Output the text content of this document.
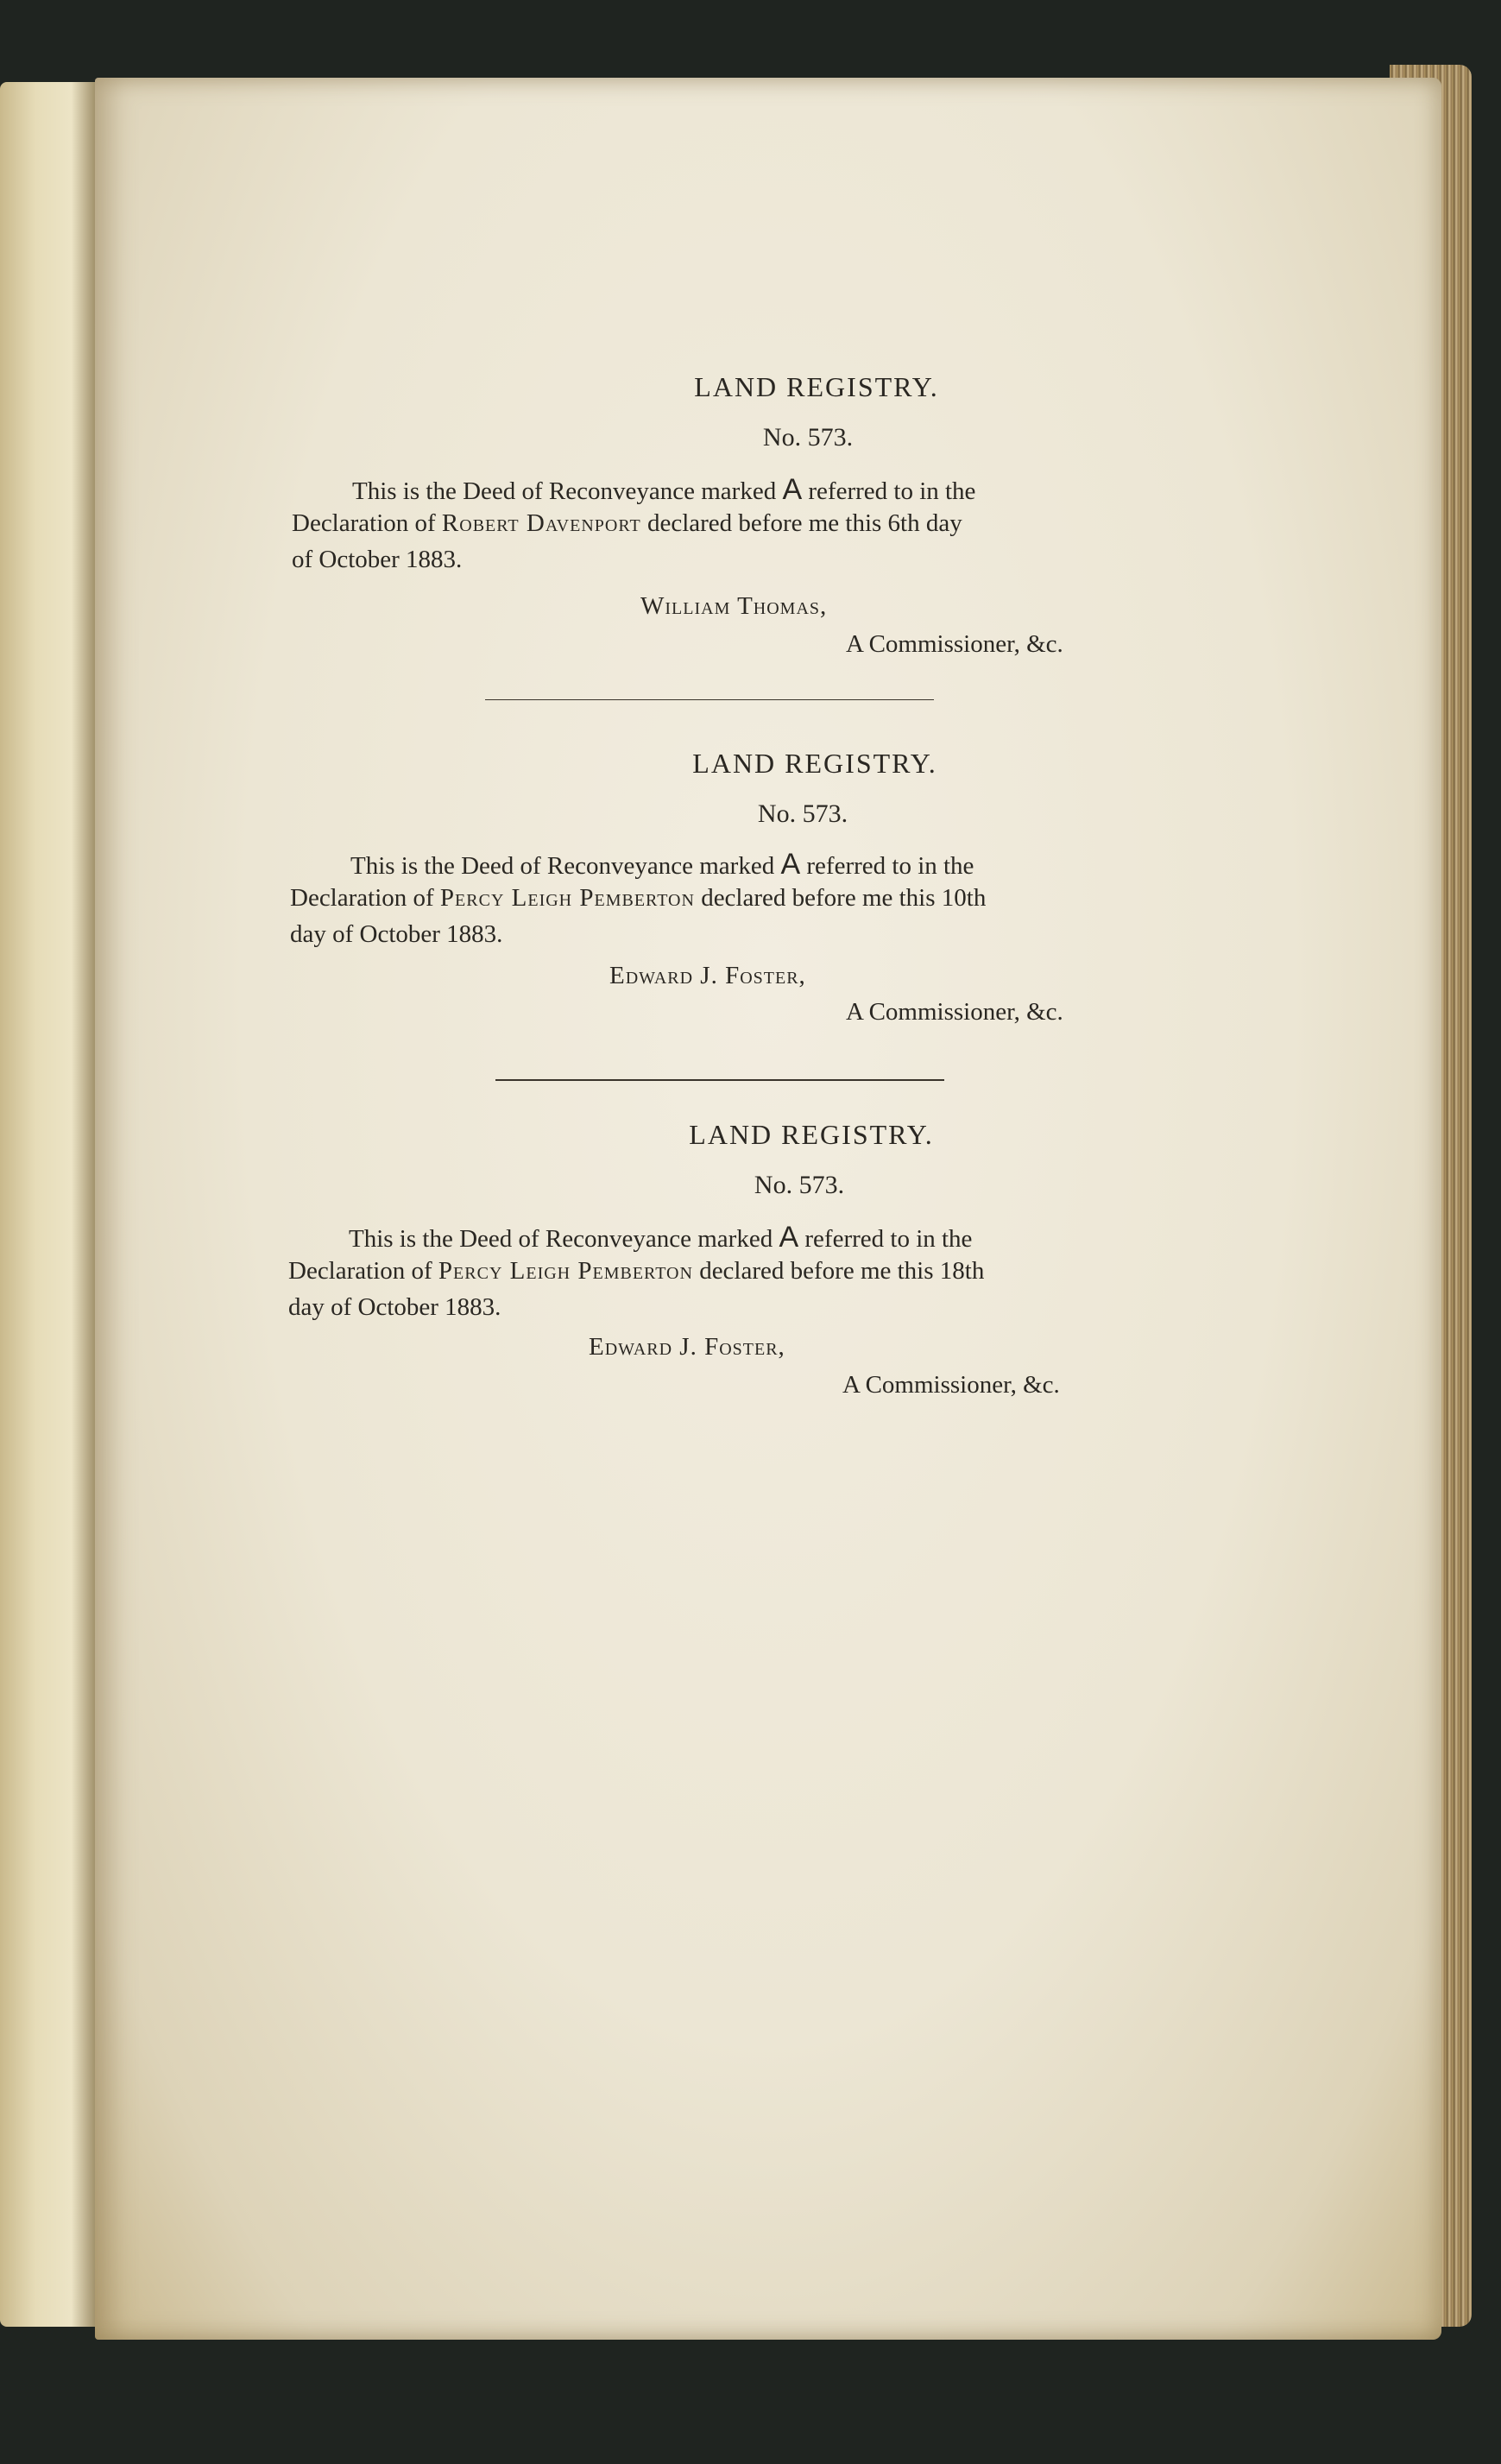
LAND REGISTRY.

No. 573.

This is the Deed of Reconveyance marked A referred to in the

Declaration of Robert Davenport declared before me this 6th day

of October 1883.

William Thomas,
A Commissioner, &c.
LAND REGISTRY.

No. 573.

This is the Deed of Reconveyance marked A referred to in the

Declaration of Percy Leigh Pemberton declared before me this 10th

day of October 1883.

Edward J. Foster,
A Commissioner, &c.
LAND REGISTRY.

No. 573.

This is the Deed of Reconveyance marked A referred to in the

Declaration of Percy Leigh Pemberton declared before me this 18th

day of October 1883.

Edward J. Foster,
A Commissioner, &c.
